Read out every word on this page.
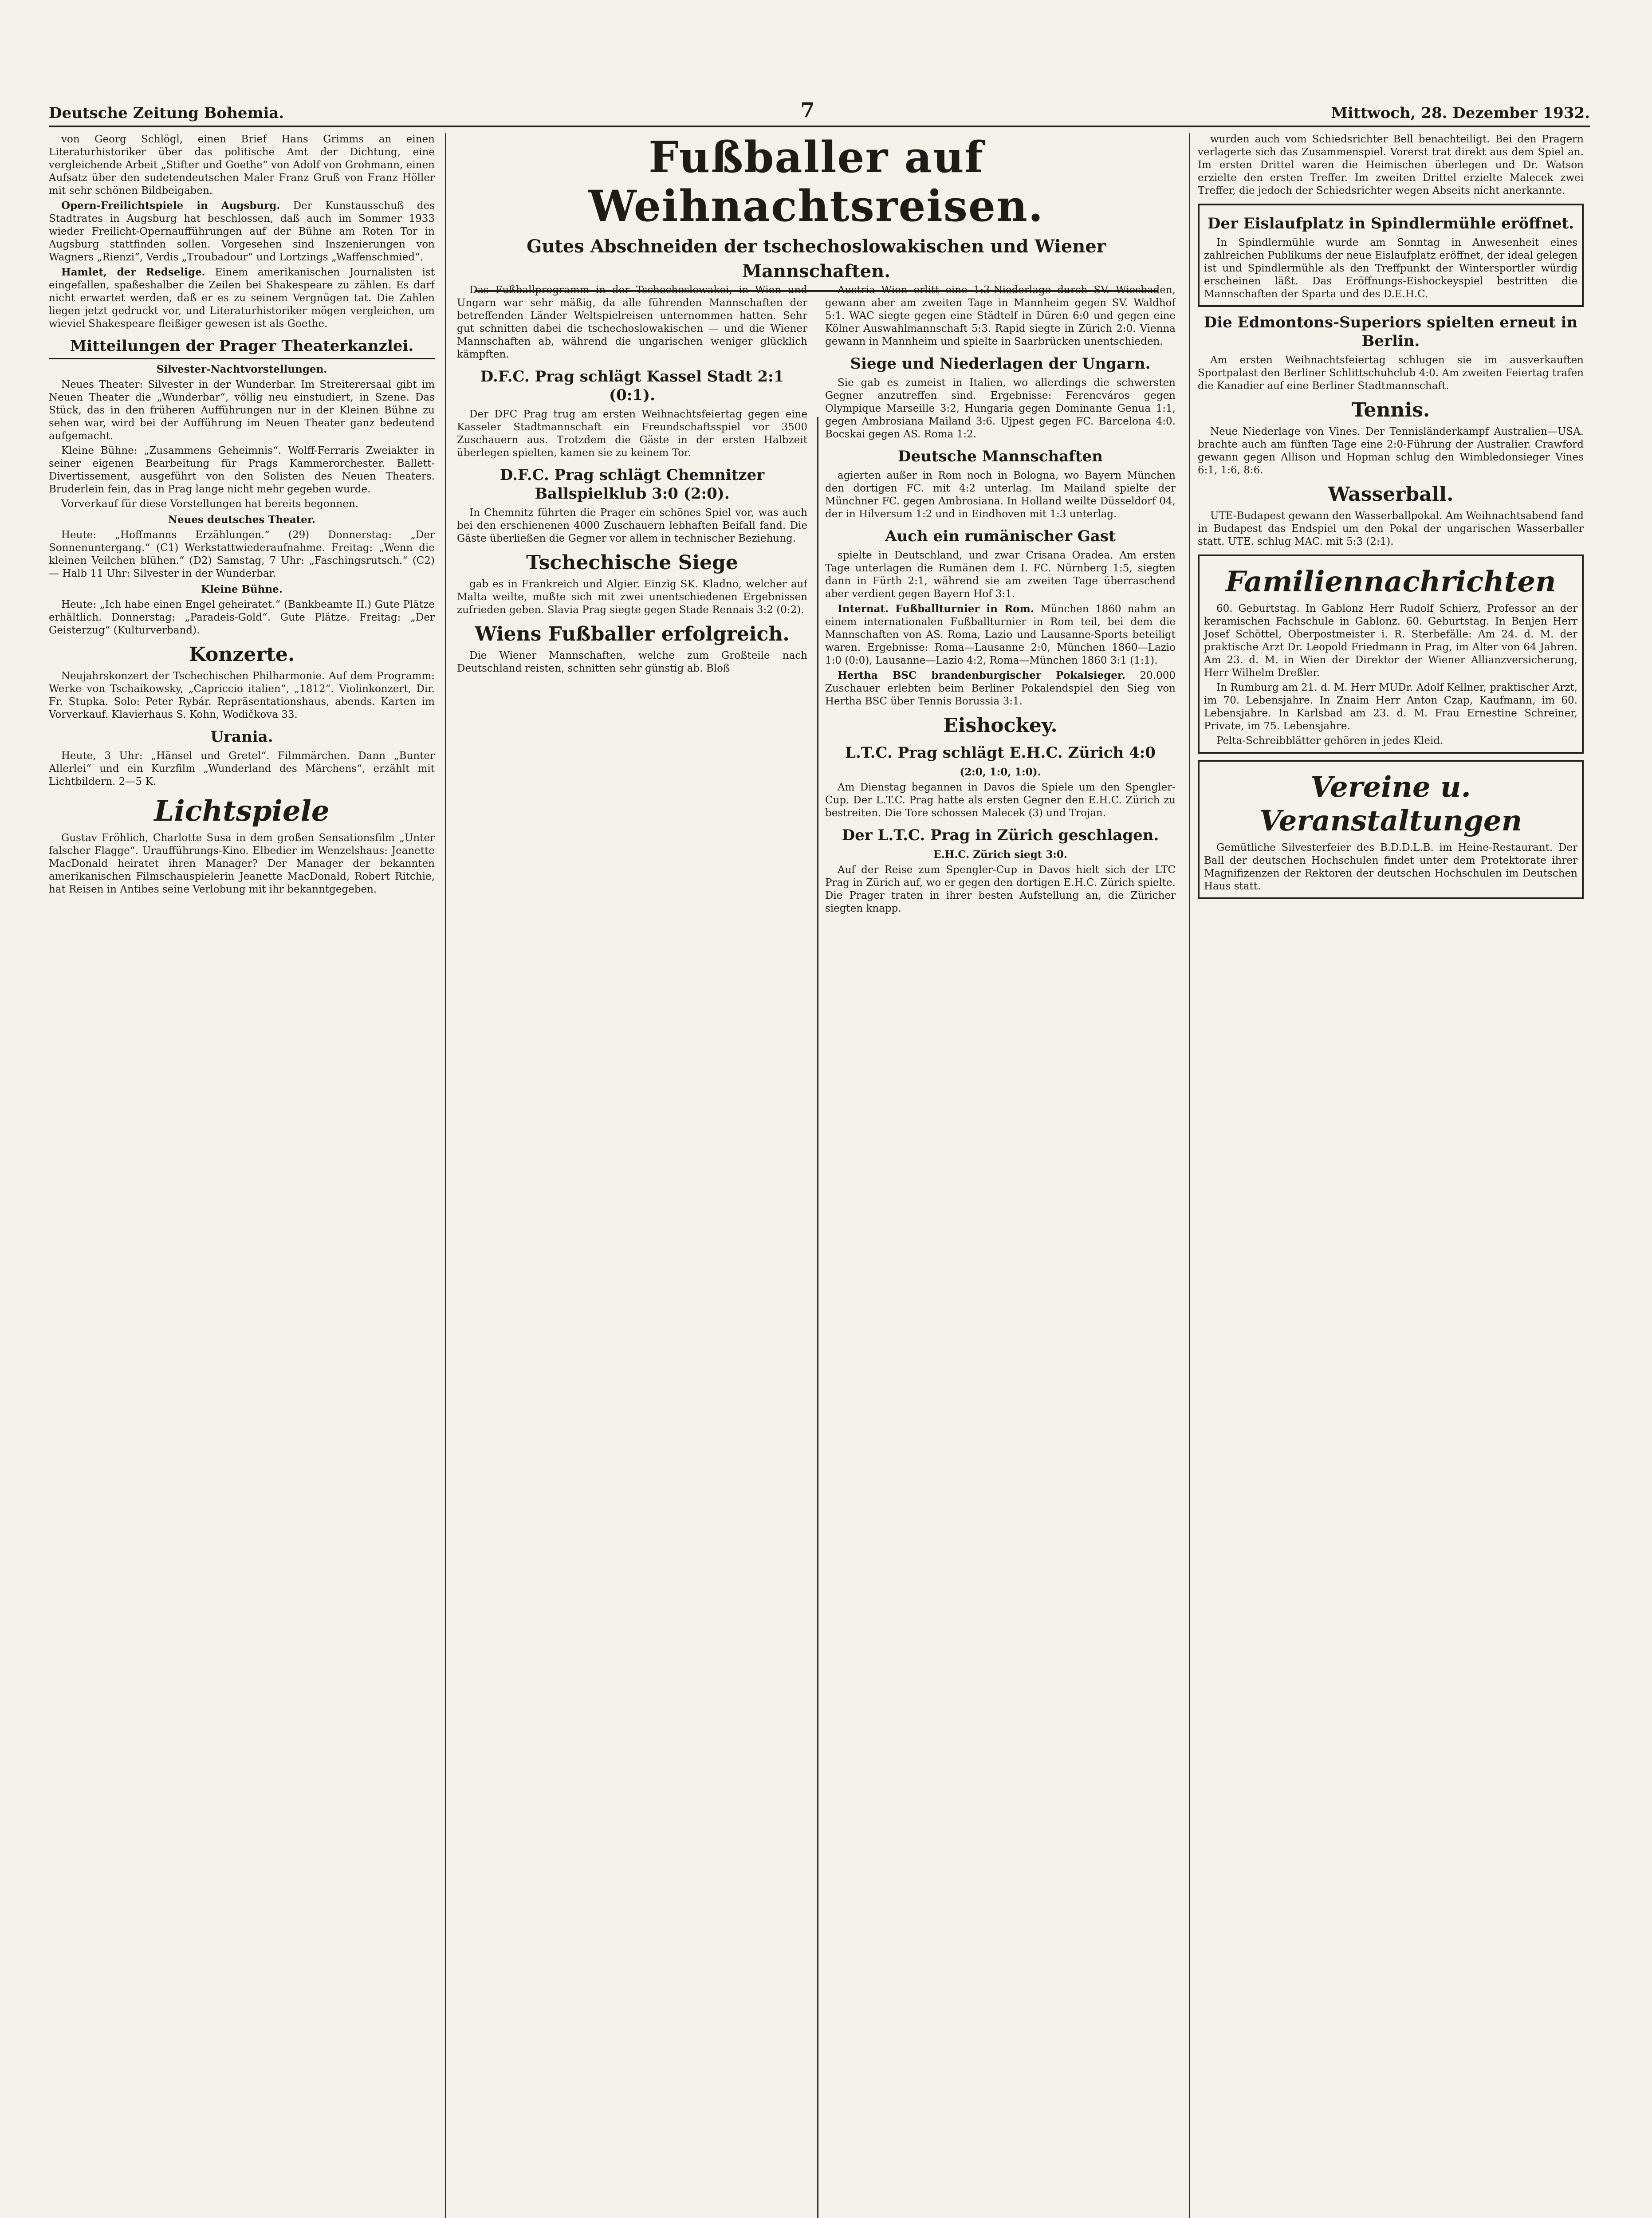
Deutsche Zeitung Bohemia.	7	Mittwoch, 28. Dezember 1932.

von Georg Schlögl, einen Brief Hans Grimms an einen Literaturhistoriker über das politische Amt der Dichtung, eine vergleichende Arbeit „Stifter und Goethe“ von Adolf von Grohmann, einen Aufsatz über den sudetendeutschen Maler Franz Gruß von Franz Höller mit sehr schönen Bildbeigaben.

Opern-Freilichtspiele in Augsburg. Der Kunstausschuß des Stadtrates in Augsburg hat beschlossen, daß auch im Sommer 1933 wieder Freilicht-Opernaufführungen auf der Bühne am Roten Tor in Augsburg stattfinden sollen. Vorgesehen sind Inszenierungen von Wagners „Rienzi“, Verdis „Troubadour“ und Lortzings „Waffenschmied“.

Hamlet, der Redselige. Einem amerikanischen Journalisten ist eingefallen, spaßeshalber die Zeilen bei Shakespeare zu zählen. Es darf nicht erwartet werden, daß er es zu seinem Vergnügen tat. Die Zahlen liegen jetzt gedruckt vor, und Literaturhistoriker mögen vergleichen, um wieviel Shakespeare fleißiger gewesen ist als Goethe.

Mitteilungen der Prager Theaterkanzlei.
Silvester-Nachtvorstellungen.

Neues Theater: Silvester in der Wunderbar. Im Streiterersaal gibt im Neuen Theater die „Wunderbar“, völlig neu einstudiert, in Szene. Das Stück, das in den früheren Aufführungen nur in der Kleinen Bühne zu sehen war, wird bei der Aufführung im Neuen Theater ganz bedeutend aufgemacht.

Kleine Bühne: „Zusammens Geheimnis“. Wolff-Ferraris Zweiakter in seiner eigenen Bearbeitung für Prags Kammerorchester. Ballett-Divertissement, ausgeführt von den Solisten des Neuen Theaters. Bruderlein fein, das in Prag lange nicht mehr gegeben wurde.

Vorverkauf für diese Vorstellungen hat bereits begonnen.

Neues deutsches Theater.

Heute: „Hoffmanns Erzählungen.“ (29) Donnerstag: „Der Sonnenuntergang.“ (C1) Werkstattwiederaufnahme. Freitag: „Wenn die kleinen Veilchen blühen.“ (D2) Samstag, 7 Uhr: „Faschingsrutsch.“ (C2) — Halb 11 Uhr: Silvester in der Wunderbar.

Kleine Bühne.

Heute: „Ich habe einen Engel geheiratet.“ (Bankbeamte II.) Gute Plätze erhältlich. Donnerstag: „Paradeis-Gold“. Gute Plätze. Freitag: „Der Geisterzug“ (Kulturverband).

Konzerte.

Neujahrskonzert der Tschechischen Philharmonie. Auf dem Programm: Werke von Tschaikowsky, „Capriccio italien“, „1812“. Violinkonzert, Dir. Fr. Stupka. Solo: Peter Rybár. Repräsentationshaus, abends. Karten im Vorverkauf. Klavierhaus S. Kohn, Wodičkova 33.

Urania.

Heute, 3 Uhr: „Hänsel und Gretel“. Filmmärchen. Dann „Bunter Allerlei“ und ein Kurzfilm „Wunderland des Märchens“, erzählt mit Lichtbildern. 2—5 K.

Lichtspiele

Gustav Fröhlich, Charlotte Susa in dem großen Sensationsfilm „Unter falscher Flagge“. Uraufführungs-Kino. Elbedier im Wenzelshaus: Jeanette MacDonald heiratet ihren Manager? Der Manager der bekannten amerikanischen Filmschauspielerin Jeanette MacDonald, Robert Ritchie, hat Reisen in Antibes seine Verlobung mit ihr bekanntgegeben.

Fußballer auf Weihnachtsreisen.
Gutes Abschneiden der tschechoslowakischen und Wiener Mannschaften.

Das Fußballprogramm in der Tschechoslowakei, in Wien und Ungarn war sehr mäßig, da alle führenden Mannschaften der betreffenden Länder Weltspielreisen unternommen hatten. Sehr gut schnitten dabei die tschechoslowakischen — und die Wiener Mannschaften ab, während die ungarischen weniger glücklich kämpften.

D.F.C. Prag schlägt Kassel Stadt 2:1 (0:1).

Der DFC Prag trug am ersten Weihnachtsfeiertag gegen eine Kasseler Stadtmannschaft ein Freundschaftsspiel vor 3500 Zuschauern aus. Trotzdem die Gäste in der ersten Halbzeit überlegen spielten, kamen sie zu keinem Tor.

D.F.C. Prag schlägt Chemnitzer Ballspielklub 3:0 (2:0).

In Chemnitz führten die Prager ein schönes Spiel vor, was auch bei den erschienenen 4000 Zuschauern lebhaften Beifall fand. Die Gäste überließen die Gegner vor allem in technischer Beziehung.

Tschechische Siege

gab es in Frankreich und Algier. Einzig SK. Kladno, welcher auf Malta weilte, mußte sich mit zwei unentschiedenen Ergebnissen zufrieden geben. Slavia Prag siegte gegen Stade Rennais 3:2 (0:2).

Wiens Fußballer erfolgreich.

Die Wiener Mannschaften, welche zum Großteile nach Deutschland reisten, schnitten sehr günstig ab. Bloß

Austria Wien erlitt eine 1:3-Niederlage durch SV. Wiesbaden, gewann aber am zweiten Tage in Mannheim gegen SV. Waldhof 5:1. WAC siegte gegen eine Städtelf in Düren 6:0 und gegen eine Kölner Auswahlmannschaft 5:3. Rapid siegte in Zürich 2:0. Vienna gewann in Mannheim und spielte in Saarbrücken unentschieden.

Siege und Niederlagen der Ungarn.

Sie gab es zumeist in Italien, wo allerdings die schwersten Gegner anzutreffen sind. Ergebnisse: Ferencváros gegen Olympique Marseille 3:2, Hungaria gegen Dominante Genua 1:1, gegen Ambrosiana Mailand 3:6. Ujpest gegen FC. Barcelona 4:0. Bocskai gegen AS. Roma 1:2.

Deutsche Mannschaften

agierten außer in Rom noch in Bologna, wo Bayern München den dortigen FC. mit 4:2 unterlag. Im Mailand spielte der Münchner FC. gegen Ambrosiana. In Holland weilte Düsseldorf 04, der in Hilversum 1:2 und in Eindhoven mit 1:3 unterlag.

Auch ein rumänischer Gast

spielte in Deutschland, und zwar Crisana Oradea. Am ersten Tage unterlagen die Rumänen dem I. FC. Nürnberg 1:5, siegten dann in Fürth 2:1, während sie am zweiten Tage überraschend aber verdient gegen Bayern Hof 3:1.

Internat. Fußballturnier in Rom. München 1860 nahm an einem internationalen Fußballturnier in Rom teil, bei dem die Mannschaften von AS. Roma, Lazio und Lausanne-Sports beteiligt waren. Ergebnisse: Roma—Lausanne 2:0, München 1860—Lazio 1:0 (0:0), Lausanne—Lazio 4:2, Roma—München 1860 3:1 (1:1).

Hertha BSC brandenburgischer Pokalsieger. 20.000 Zuschauer erlebten beim Berliner Pokalendspiel den Sieg von Hertha BSC über Tennis Borussia 3:1.

Eishockey.
L.T.C. Prag schlägt E.H.C. Zürich 4:0
(2:0, 1:0, 1:0).

Am Dienstag begannen in Davos die Spiele um den Spengler-Cup. Der L.T.C. Prag hatte als ersten Gegner den E.H.C. Zürich zu bestreiten. Die Tore schossen Malecek (3) und Trojan.

Der L.T.C. Prag in Zürich geschlagen.
E.H.C. Zürich siegt 3:0.

Auf der Reise zum Spengler-Cup in Davos hielt sich der LTC Prag in Zürich auf, wo er gegen den dortigen E.H.C. Zürich spielte. Die Prager traten in ihrer besten Aufstellung an, die Züricher siegten knapp.

wurden auch vom Schiedsrichter Bell benachteiligt. Bei den Pragern verlagerte sich das Zusammenspiel. Vorerst trat direkt aus dem Spiel an. Im ersten Drittel waren die Heimischen überlegen und Dr. Watson erzielte den ersten Treffer. Im zweiten Drittel erzielte Malecek zwei Treffer, die jedoch der Schiedsrichter wegen Abseits nicht anerkannte.

Der Eislaufplatz in Spindlermühle eröffnet.

In Spindlermühle wurde am Sonntag in Anwesenheit eines zahlreichen Publikums der neue Eislaufplatz eröffnet, der ideal gelegen ist und Spindlermühle als den Treffpunkt der Wintersportler würdig erscheinen läßt. Das Eröffnungs-Eishockeyspiel bestritten die Mannschaften der Sparta und des D.E.H.C.

Die Edmontons-Superiors spielten erneut in Berlin.

Am ersten Weihnachtsfeiertag schlugen sie im ausverkauften Sportpalast den Berliner Schlittschuhclub 4:0. Am zweiten Feiertag trafen die Kanadier auf eine Berliner Stadtmannschaft.

Tennis.

Neue Niederlage von Vines. Der Tennisländerkampf Australien—USA. brachte auch am fünften Tage eine 2:0-Führung der Australier. Crawford gewann gegen Allison und Hopman schlug den Wimbledonsieger Vines 6:1, 1:6, 8:6.

Wasserball.

UTE-Budapest gewann den Wasserballpokal. Am Weihnachtsabend fand in Budapest das Endspiel um den Pokal der ungarischen Wasserballer statt. UTE. schlug MAC. mit 5:3 (2:1).

Familiennachrichten

60. Geburtstag. In Gablonz Herr Rudolf Schierz, Professor an der keramischen Fachschule in Gablonz. 60. Geburtstag. In Benjen Herr Josef Schöttel, Oberpostmeister i. R. Sterbefälle: Am 24. d. M. der praktische Arzt Dr. Leopold Friedmann in Prag, im Alter von 64 Jahren. Am 23. d. M. in Wien der Direktor der Wiener Allianzversicherung, Herr Wilhelm Dreßler.

In Rumburg am 21. d. M. Herr MUDr. Adolf Kellner, praktischer Arzt, im 70. Lebensjahre. In Znaim Herr Anton Czap, Kaufmann, im 60. Lebensjahre. In Karlsbad am 23. d. M. Frau Ernestine Schreiner, Private, im 75. Lebensjahre.

Pelta-Schreibblätter gehören in jedes Kleid.

Vereine u. Veranstaltungen

Gemütliche Silvesterfeier des B.D.D.L.B. im Heine-Restaurant. Der Ball der deutschen Hochschulen findet unter dem Protektorate ihrer Magnifizenzen der Rektoren der deutschen Hochschulen im Deutschen Haus statt.
